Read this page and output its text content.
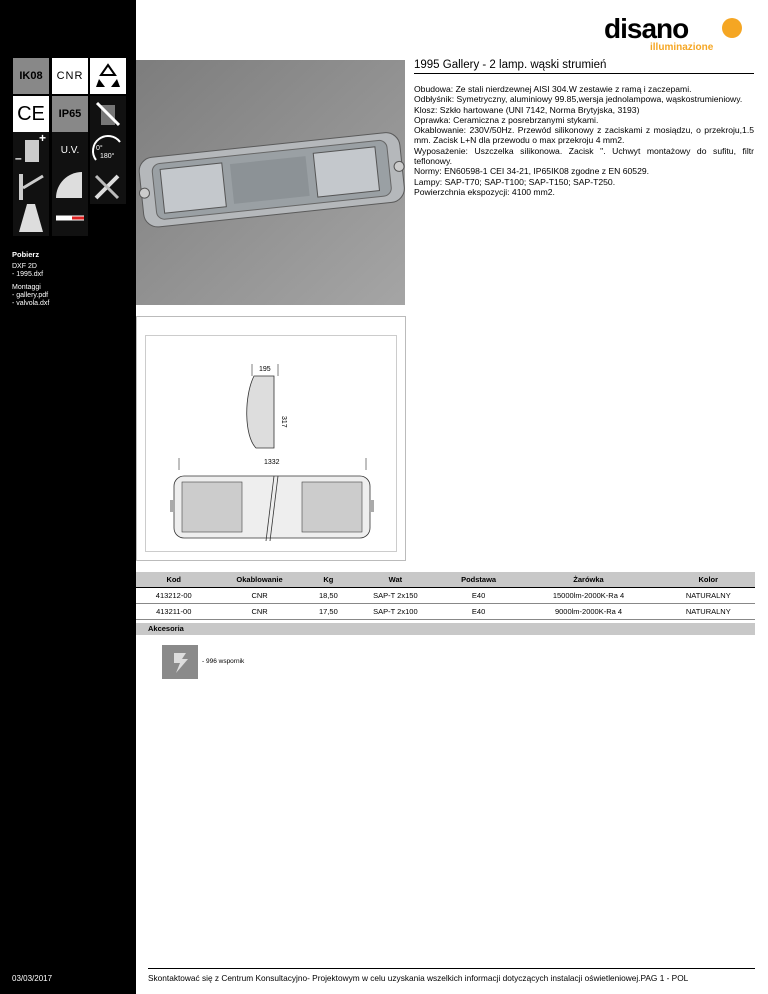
IK08 CNR
CE IP65
+
–
U.V.
Pobierz
DXF 2D
- 1995.dxf
Montaggi
- gallery.pdf
- valvola.dxf
03/03/2017
disano
illuminazione
1995 Gallery - 2 lamp. wąski strumień

Obudowa: Ze stali nierdzewnej AISI 304.W zestawie z ramą i zaczepami.

Odbłyśnik: Symetryczny, aluminiowy 99.85,wersja jednolampowa, wąskostrumieniowy.

Klosz: Szkło hartowane (UNI 7142, Norma Brytyjska, 3193)

Oprawka: Ceramiczna z posrebrzanymi stykami.

Okablowanie: 230V/50Hz. Przewód silikonowy z zaciskami z mosiądzu, o przekroju,1.5 mm. Zacisk L+N dla przewodu o max przekroju 4 mm2.

Wyposażenie: Uszczelka silikonowa. Zacisk ". Uchwyt montażowy do sufitu, filtr teflonowy.

Normy: EN60598-1 CEI 34-21, IP65IK08 zgodne z EN 60529.

Lampy: SAP-T70; SAP-T100; SAP-T150; SAP-T250.

Powierzchnia ekspozycji: 4100 mm2.

195
317
1332
Kod	Okablowanie	Kg	Wat	Podstawa	Żarówka	Kolor
413212-00	CNR	18,50	SAP-T 2x150	E40	15000lm-2000K-Ra 4	NATURALNY
413211-00	CNR	17,50	SAP-T 2x100	E40	9000lm-2000K-Ra 4	NATURALNY
Akcesoria
- 996 wspornik
Skontaktować się z Centrum Konsultacyjno- Projektowym w celu uzyskania wszelkich informacji dotyczących instalacji oświetleniowej.PAG 1 - POL
0°
180°
